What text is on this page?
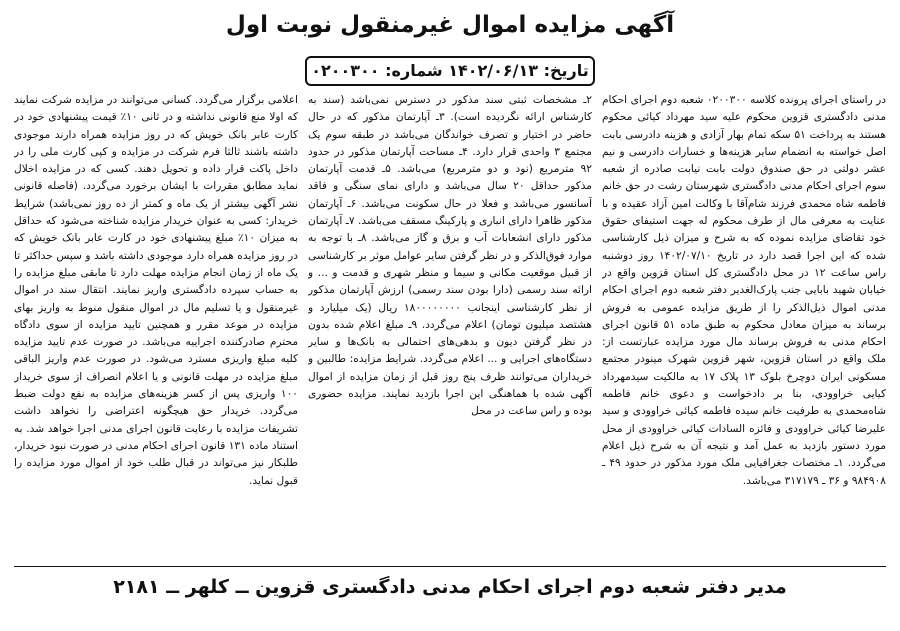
آگهی مزایده اموال غیرمنقول نوبت اول
تاریخ: ۱۴۰۲/۰۶/۱۳ شماره: ۰۲۰۰۳۰۰

در راستای اجرای پرونده کلاسه ۰۲۰۰۳۰۰ شعبه دوم اجرای احکام مدنی دادگستری قزوین محکوم علیه سید مهرداد کیائی محکوم هستند به پرداخت ۵۱ سکه تمام بهار آزادی و هزینه دادرسی بابت اصل خواسته به انضمام سایر هزینه‌ها و خسارات دادرسی و نیم عشر دولتی در حق صندوق دولت بابت نیابت صادره از شعبه سوم اجرای احکام مدنی دادگستری شهرستان رشت در حق خانم فاطمه شاه محمدی فرزند شام‌آقا با وکالت امین آزاد عقیده و با عنایت به معرفی مال از طرف محکوم له جهت استیفای حقوق خود تقاضای مزایده نموده که به شرح و میزان ذیل کارشناسی شده که این اجرا قصد دارد در تاریخ ۱۴۰۲/۰۷/۱۰ روز دوشنبه راس ساعت ۱۲ در محل دادگستری کل استان قزوین واقع در خیابان شهید بابایی جنب پارک‌الغدیر دفتر شعبه دوم اجرای احکام مدنی اموال ذیل‌الذکر را از طریق مزایده عمومی به فروش برساند به میزان معادل محکوم به طبق ماده ۵۱ قانون اجرای احکام مدنی به فروش برساند مال مورد مزایده عبارتست از: ملک واقع در استان قزوین، شهر قزوین شهرک مینودر مجتمع مسکونی ایران دوچرخ بلوک ۱۳ پلاک ۱۷ به مالکیت سیدمهرداد کیایی خراوودی، بنا بر دادخواست و دعوی خانم فاطمه شاه‌محمدی به طرفیت خانم سیده فاطمه کیائی خراوودی و سید علیرضا کیائی خراوودی و فائزه السادات کیائی خراوودی از محل مورد دستور بازدید به عمل آمد و نتیجه آن به شرح ذیل اعلام می‌گردد. ۱ـ مختصات جغرافیایی ملک مورد مذکور در حدود ۴۹ ـ ۹۸۴۹۰۸ و ۳۶ ـ ۳۱۷۱۷۹ می‌باشد.

۲ـ مشخصات ثبتی سند مذکور در دسترس نمی‌باشد (سند به کارشناس ارائه نگردیده است). ۳ـ آپارتمان مذکور که در حال حاضر در اختیار و تصرف خواندگان می‌باشد در طبقه سوم یک مجتمع ۳ واحدی قرار دارد. ۴ـ مساحت آپارتمان مذکور در حدود ۹۲ مترمربع (نود و دو مترمربع) می‌باشد. ۵ـ قدمت آپارتمان مذکور حداقل ۲۰ سال می‌باشد و دارای نمای سنگی و فاقد آسانسور می‌باشد و فعلا در حال سکونت می‌باشد. ۶ـ آپارتمان مذکور ظاهرا دارای انباری و پارکینگ مسقف می‌باشد. ۷ـ آپارتمان مذکور دارای انشعابات آب و برق و گاز می‌باشد. ۸ـ با توجه به موارد فوق‌الذکر و در نظر گرفتن سایر عوامل موثر بر کارشناسی از قبیل موقعیت مکانی و سیما و منظر شهری و قدمت و ... و ارائه سند رسمی (دارا بودن سند رسمی) ارزش آپارتمان مذکور از نظر کارشناسی اینجانب ۱۸۰۰۰۰۰۰۰۰ ریال (یک میلیارد و هشتصد میلیون تومان) اعلام می‌گردد. ۹ـ مبلغ اعلام شده بدون در نظر گرفتن دیون و بدهی‌های احتمالی به بانک‌ها و سایر دستگاه‌های اجرایی و ... اعلام می‌گردد. شرایط مزایده: طالبین و خریداران می‌توانند ظرف پنج روز قبل از زمان مزایده از اموال آگهی شده با هماهنگی این اجرا بازدید نمایند. مزایده حضوری بوده و راس ساعت در محل

اعلامی برگزار می‌گردد. کسانی می‌توانند در مزایده شرکت نمایند که اولا منع قانونی نداشته و در ثانی ۱۰٪ قیمت پیشنهادی خود در کارت عابر بانک خویش که در روز مزایده همراه دارند موجودی داشته باشند ثالثا فرم شرکت در مزایده و کپی کارت ملی را در داخل پاکت قرار داده و تحویل دهند. کسی که در مزایده اخلال نماید مطابق مقررات با ایشان برخورد می‌گردد. (فاصله قانونی نشر آگهی بیشتر از یک ماه و کمتر از ده روز نمی‌باشد) شرایط خریدار: کسی به عنوان خریدار مزایده شناخته می‌شود که حداقل به میزان ۱۰٪ مبلغ پیشنهادی خود در کارت عابر بانک خویش که در روز مزایده همراه دارد موجودی داشته باشد و سپس حداکثر تا یک ماه از زمان انجام مزایده مهلت دارد تا مابقی مبلغ مزایده را به حساب سپرده دادگستری واریز نمایند. انتقال سند در اموال غیرمنقول و یا تسلیم مال در اموال منقول منوط به واریز بهای مزایده در موعد مقرر و همچنین تایید مزایده از سوی دادگاه محترم صادرکننده اجراییه می‌باشد. در صورت عدم تایید مزایده کلیه مبلغ واریزی مسترد می‌شود. در صورت عدم واریز الباقی مبلغ مزایده در مهلت قانونی و یا اعلام انصراف از سوی خریدار ۱۰۰ واریزی پس از کسر هزینه‌های مزایده به نفع دولت ضبط می‌گردد. خریدار حق هیچگونه اعتراضی را نخواهد داشت تشریفات مزایده با رعایت قانون اجرای مدنی اجرا خواهد شد. به استناد ماده ۱۳۱ قانون اجرای احکام مدنی در صورت نبود خریدار، طلبکار نیز می‌تواند در قبال طلب خود از اموال مورد مزایده را قبول نماید.

مدیر دفتر شعبه دوم اجرای احکام مدنی دادگستری قزوین ــ کلهر ــ ۲۱۸۱
